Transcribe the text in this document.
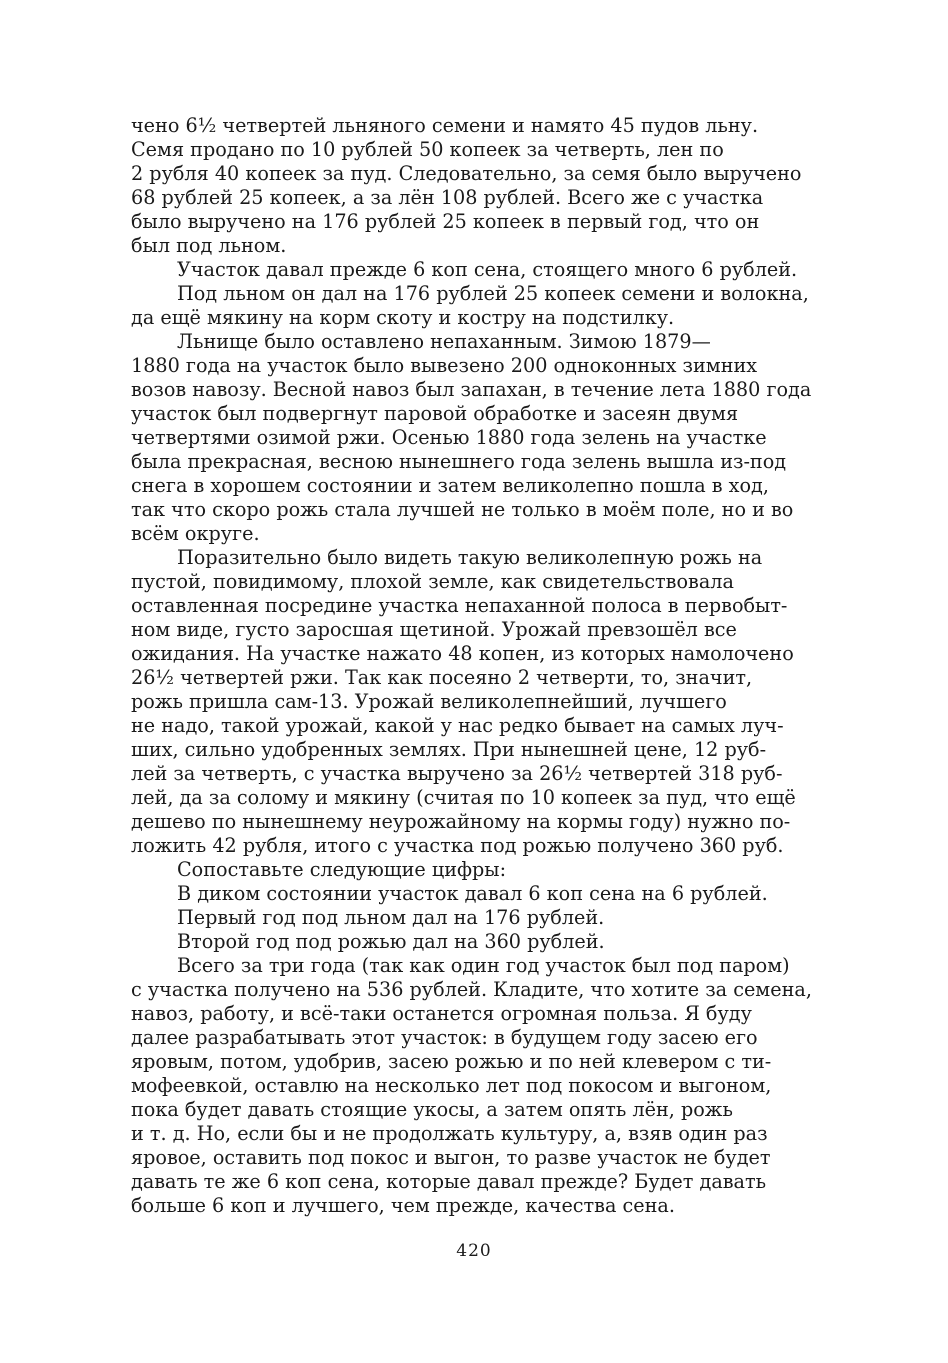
чено 6½ четвертей льняного семени и намято 45 пудов льну.
Семя продано по 10 рублей 50 копеек за четверть, лен по
2 рубля 40 копеек за пуд. Следовательно, за семя было выручено
68 рублей 25 копеек, а за лён 108 рублей. Всего же с участка
было выручено на 176 рублей 25 копеек в первый год, что он
был под льном.
Участок давал прежде 6 коп сена, стоящего много 6 рублей.
Под льном он дал на 176 рублей 25 копеек семени и волокна,
да ещё мякину на корм скоту и костру на подстилку.
Льнище было оставлено непаханным. Зимою 1879—
1880 года на участок было вывезено 200 одноконных зимних
возов навозу. Весной навоз был запахан, в течение лета 1880 года
участок был подвергнут паровой обработке и засеян двумя
четвертями озимой ржи. Осенью 1880 года зелень на участке
была прекрасная, весною нынешнего года зелень вышла из-под
снега в хорошем состоянии и затем великолепно пошла в ход,
так что скоро рожь стала лучшей не только в моём поле, но и во
всём округе.
Поразительно было видеть такую великолепную рожь на
пустой, повидимому, плохой земле, как свидетельствовала
оставленная посредине участка непаханной полоса в первобыт-
ном виде, густо заросшая щетиной. Урожай превзошёл все
ожидания. На участке нажато 48 копен, из которых намолочено
26½ четвертей ржи. Так как посеяно 2 четверти, то, значит,
рожь пришла сам-13. Урожай великолепнейший, лучшего
не надо, такой урожай, какой у нас редко бывает на самых луч-
ших, сильно удобренных землях. При нынешней цене, 12 руб-
лей за четверть, с участка выручено за 26½ четвертей 318 руб-
лей, да за солому и мякину (считая по 10 копеек за пуд, что ещё
дешево по нынешнему неурожайному на кормы году) нужно по-
ложить 42 рубля, итого с участка под рожью получено 360 руб.
Сопоставьте следующие цифры:
В диком состоянии участок давал 6 коп сена на 6 рублей.
Первый год под льном дал на 176 рублей.
Второй год под рожью дал на 360 рублей.
Всего за три года (так как один год участок был под паром)
с участка получено на 536 рублей. Кладите, что хотите за семена,
навоз, работу, и всё-таки останется огромная польза. Я буду
далее разрабатывать этот участок: в будущем году засею его
яровым, потом, удобрив, засею рожью и по ней клевером с ти-
мофеевкой, оставлю на несколько лет под покосом и выгоном,
пока будет давать стоящие укосы, а затем опять лён, рожь
и т. д. Но, если бы и не продолжать культуру, а, взяв один раз
яровое, оставить под покос и выгон, то разве участок не будет
давать те же 6 коп сена, которые давал прежде? Будет давать
больше 6 коп и лучшего, чем прежде, качества сена.
420
